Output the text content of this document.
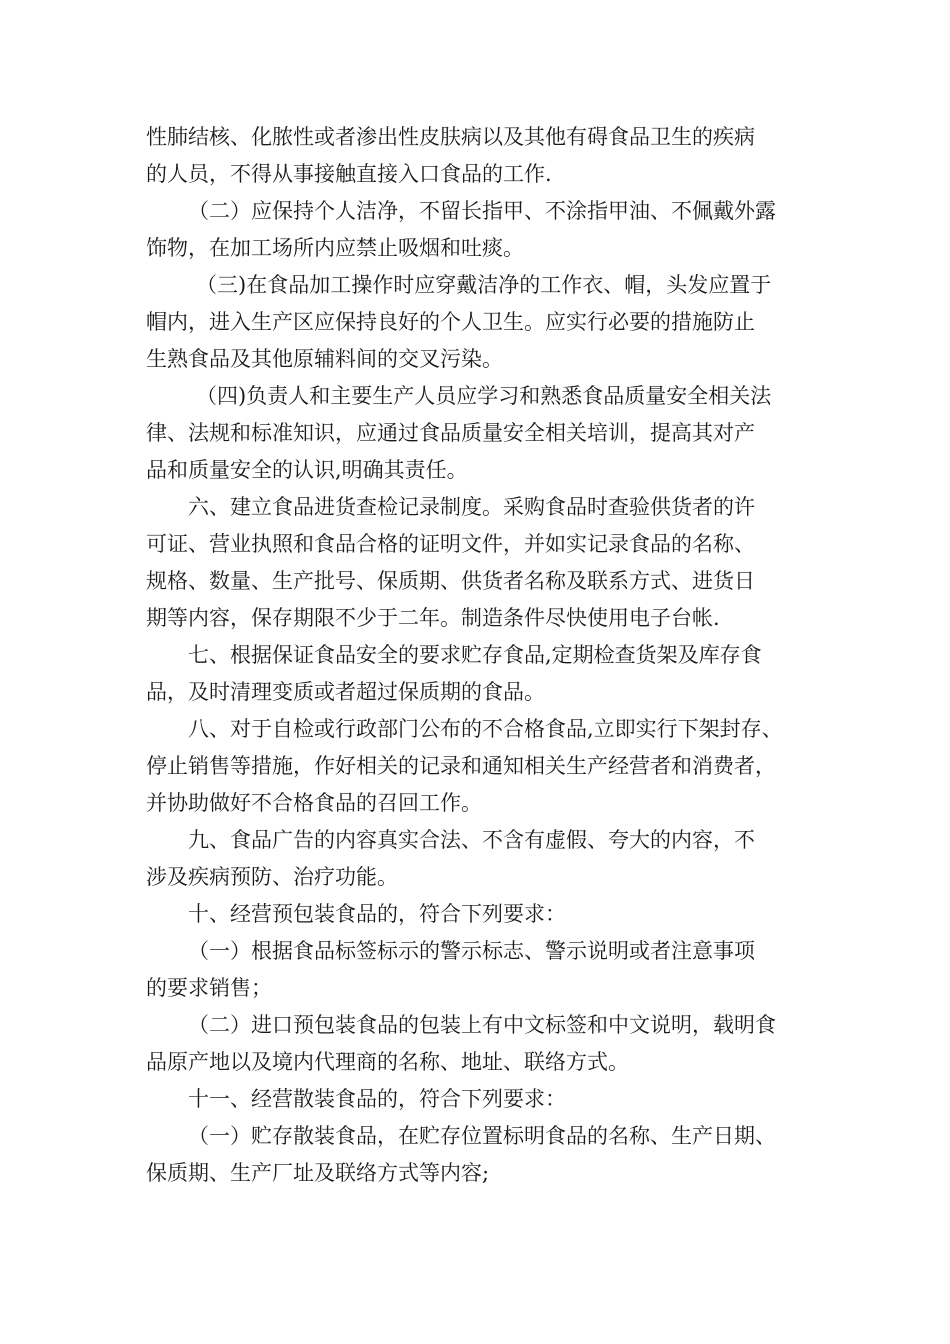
性肺结核、化脓性或者渗出性皮肤病以及其他有碍食品卫生的疾病
的人员，不得从事接触直接入口食品的工作.
（二）应保持个人洁净，不留长指甲、不涂指甲油、不佩戴外露
饰物，在加工场所内应禁止吸烟和吐痰。
（三)在食品加工操作时应穿戴洁净的工作衣、帽，头发应置于
帽内，进入生产区应保持良好的个人卫生。应实行必要的措施防止
生熟食品及其他原辅料间的交叉污染。
（四)负责人和主要生产人员应学习和熟悉食品质量安全相关法
律、法规和标准知识，应通过食品质量安全相关培训，提高其对产
品和质量安全的认识,明确其责任。
六、建立食品进货查检记录制度。采购食品时查验供货者的许
可证、营业执照和食品合格的证明文件，并如实记录食品的名称、
规格、数量、生产批号、保质期、供货者名称及联系方式、进货日
期等内容，保存期限不少于二年。制造条件尽快使用电子台帐.
七、根据保证食品安全的要求贮存食品,定期检查货架及库存食
品，及时清理变质或者超过保质期的食品。
八、对于自检或行政部门公布的不合格食品,立即实行下架封存、
停止销售等措施，作好相关的记录和通知相关生产经营者和消费者，
并协助做好不合格食品的召回工作。
九、食品广告的内容真实合法、不含有虚假、夸大的内容，不
涉及疾病预防、治疗功能。
十、经营预包装食品的，符合下列要求：
（一）根据食品标签标示的警示标志、警示说明或者注意事项
的要求销售；
（二）进口预包装食品的包装上有中文标签和中文说明，载明食
品原产地以及境内代理商的名称、地址、联络方式。
十一、经营散装食品的，符合下列要求：
（一）贮存散装食品，在贮存位置标明食品的名称、生产日期、
保质期、生产厂址及联络方式等内容;
